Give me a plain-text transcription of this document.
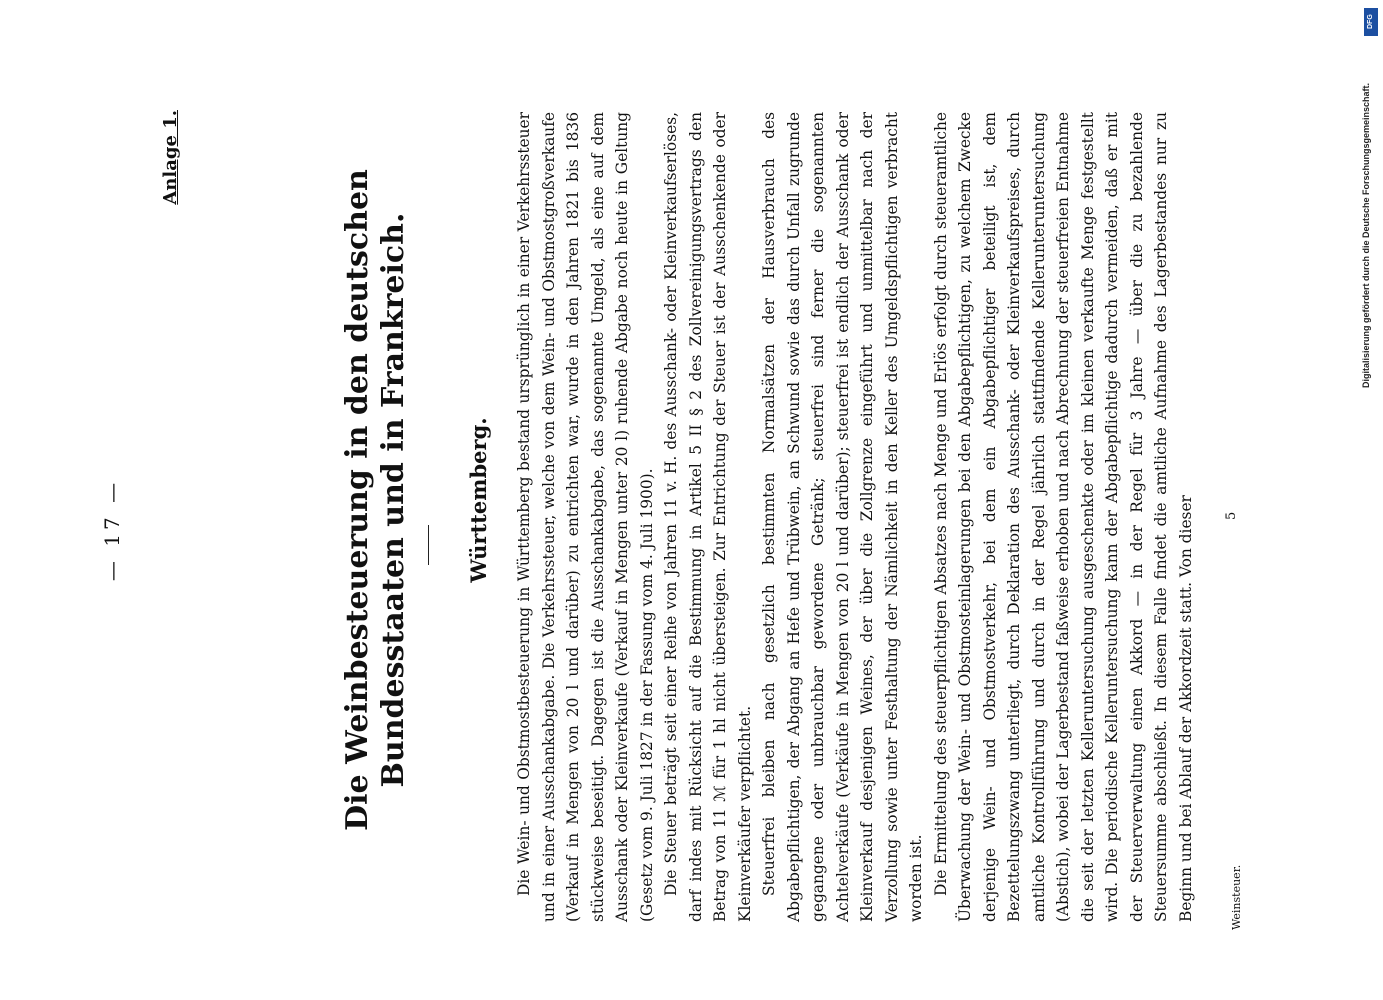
— 17 —
Anlage 1.
Die Weinbesteuerung in den deutschen Bundesstaaten und in Frankreich.	Württemberg. Die Wein- und Obstmostbesteuerung in Württemberg bestand ursprünglich in einer Verkehrssteuer und in einer Ausschankabgabe. Die Verkehrssteuer, welche von dem Wein- und Obstmostgroßverkaufe (Verkauf in Mengen von 20 l und darüber) zu entrichten war, wurde in den Jahren 1821 bis 1836 stückweise beseitigt. Dagegen ist die Ausschankabgabe, das sogenannte Umgeld, als eine auf dem Ausschank oder Kleinverkaufe (Verkauf in Mengen unter 20 l) ruhende Abgabe noch heute in Geltung (Gesetz vom 9. Juli 1827 in der Fassung vom 4. Juli 1900). Die Steuer beträgt seit einer Reihe von Jahren 11 v. H. des Ausschank- oder Kleinverkaufserlöses, darf indes mit Rücksicht auf die Bestimmung in Artikel 5 II § 2 des Zollvereinigungsvertrags den Betrag von 11 ℳ für 1 hl nicht übersteigen. Zur Entrichtung der Steuer ist der Ausschenkende oder Kleinverkäufer verpflichtet. Steuerfrei bleiben nach gesetzlich bestimmten Normalsätzen der Hausverbrauch des Abgabepflichtigen, der Abgang an Hefe und Trübwein, an Schwund sowie das durch Unfall zugrunde gegangene oder unbrauchbar gewordene Getränk; steuerfrei sind ferner die sogenannten Achtelverkäufe (Verkäufe in Mengen von 20 l und darüber); steuerfrei ist endlich der Ausschank oder Kleinverkauf desjenigen Weines, der über die Zollgrenze eingeführt und unmittelbar nach der Verzollung sowie unter Festhaltung der Nämlichkeit in den Keller des Umgeldspflichtigen verbracht worden ist. Die Ermittelung des steuerpflichtigen Absatzes nach Menge und Erlös erfolgt durch steueramtliche Überwachung der Wein- und Obstmosteinlagerungen bei den Abgabepflichtigen, zu welchem Zwecke derjenige Wein- und Obstmostverkehr, bei dem ein Abgabepflichtiger beteiligt ist, dem Bezettelungszwang unterliegt, durch Deklaration des Ausschank- oder Kleinverkaufspreises, durch amtliche Kontrollführung und durch in der Regel jährlich stattfindende Kellerunteruntersuchung (Abstich), wobei der Lagerbestand faßweise erhoben und nach Abrechnung der steuerfreien Entnahme die seit der letzten Kelleruntersuchung ausgeschenkte oder im kleinen verkaufte Menge festgestellt wird. Die periodische Kelleruntersuchung kann der Abgabepflichtige dadurch vermeiden, daß er mit der Steuerverwaltung einen Akkord — in der Regel für 3 Jahre — über die zu bezahlende Steuersumme abschließt. In diesem Falle findet die amtliche Aufnahme des Lagerbestandes nur zu Beginn und bei Ablauf der Akkordzeit statt. Von dieser	Weinsteuer.
5
Digitalisierung gefördert durch die Deutsche Forschungsgemeinschaft.
DFG
